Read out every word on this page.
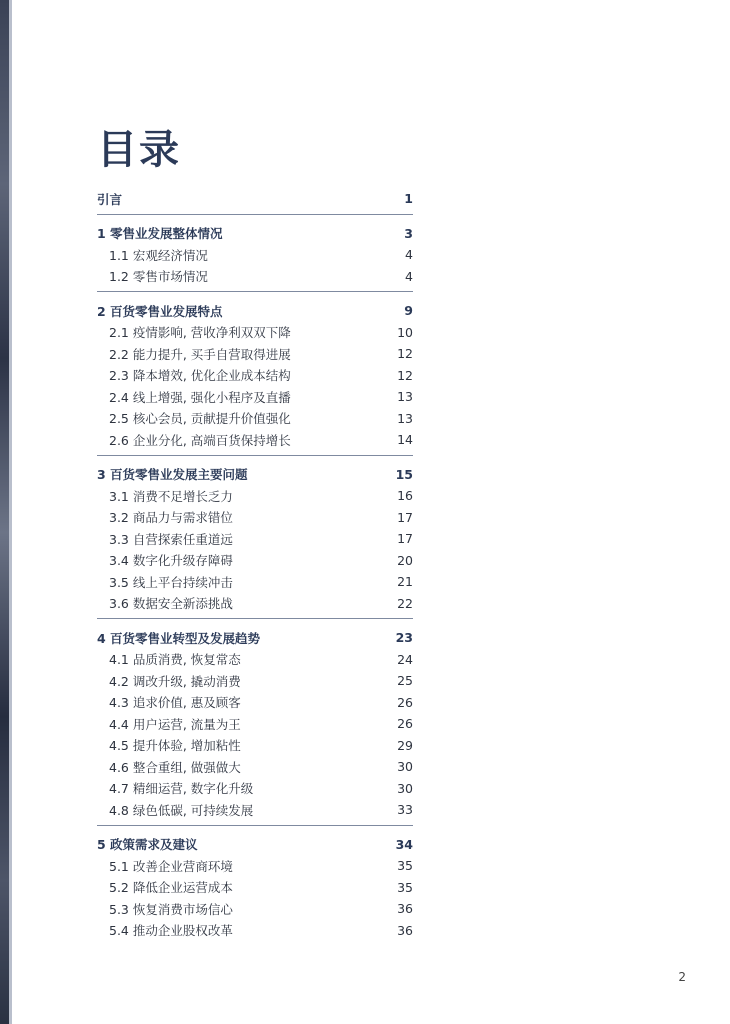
目录
引言	1
1 零售业发展整体情况	3
1.1 宏观经济情况	4
1.2 零售市场情况	4
2 百货零售业发展特点	9
2.1 疫情影响, 营收净利双双下降	10
2.2 能力提升, 买手自营取得进展	12
2.3 降本增效, 优化企业成本结构	12
2.4 线上增强, 强化小程序及直播	13
2.5 核心会员, 贡献提升价值强化	13
2.6 企业分化, 高端百货保持增长	14
3 百货零售业发展主要问题	15
3.1 消费不足增长乏力	16
3.2 商品力与需求错位	17
3.3 自营探索任重道远	17
3.4 数字化升级存障碍	20
3.5 线上平台持续冲击	21
3.6 数据安全新添挑战	22
4 百货零售业转型及发展趋势	23
4.1 品质消费, 恢复常态	24
4.2 调改升级, 撬动消费	25
4.3 追求价值, 惠及顾客	26
4.4 用户运营, 流量为王	26
4.5 提升体验, 增加粘性	29
4.6 整合重组, 做强做大	30
4.7 精细运营, 数字化升级	30
4.8 绿色低碳, 可持续发展	33
5 政策需求及建议	34
5.1 改善企业营商环境	35
5.2 降低企业运营成本	35
5.3 恢复消费市场信心	36
5.4 推动企业股权改革	36
2
